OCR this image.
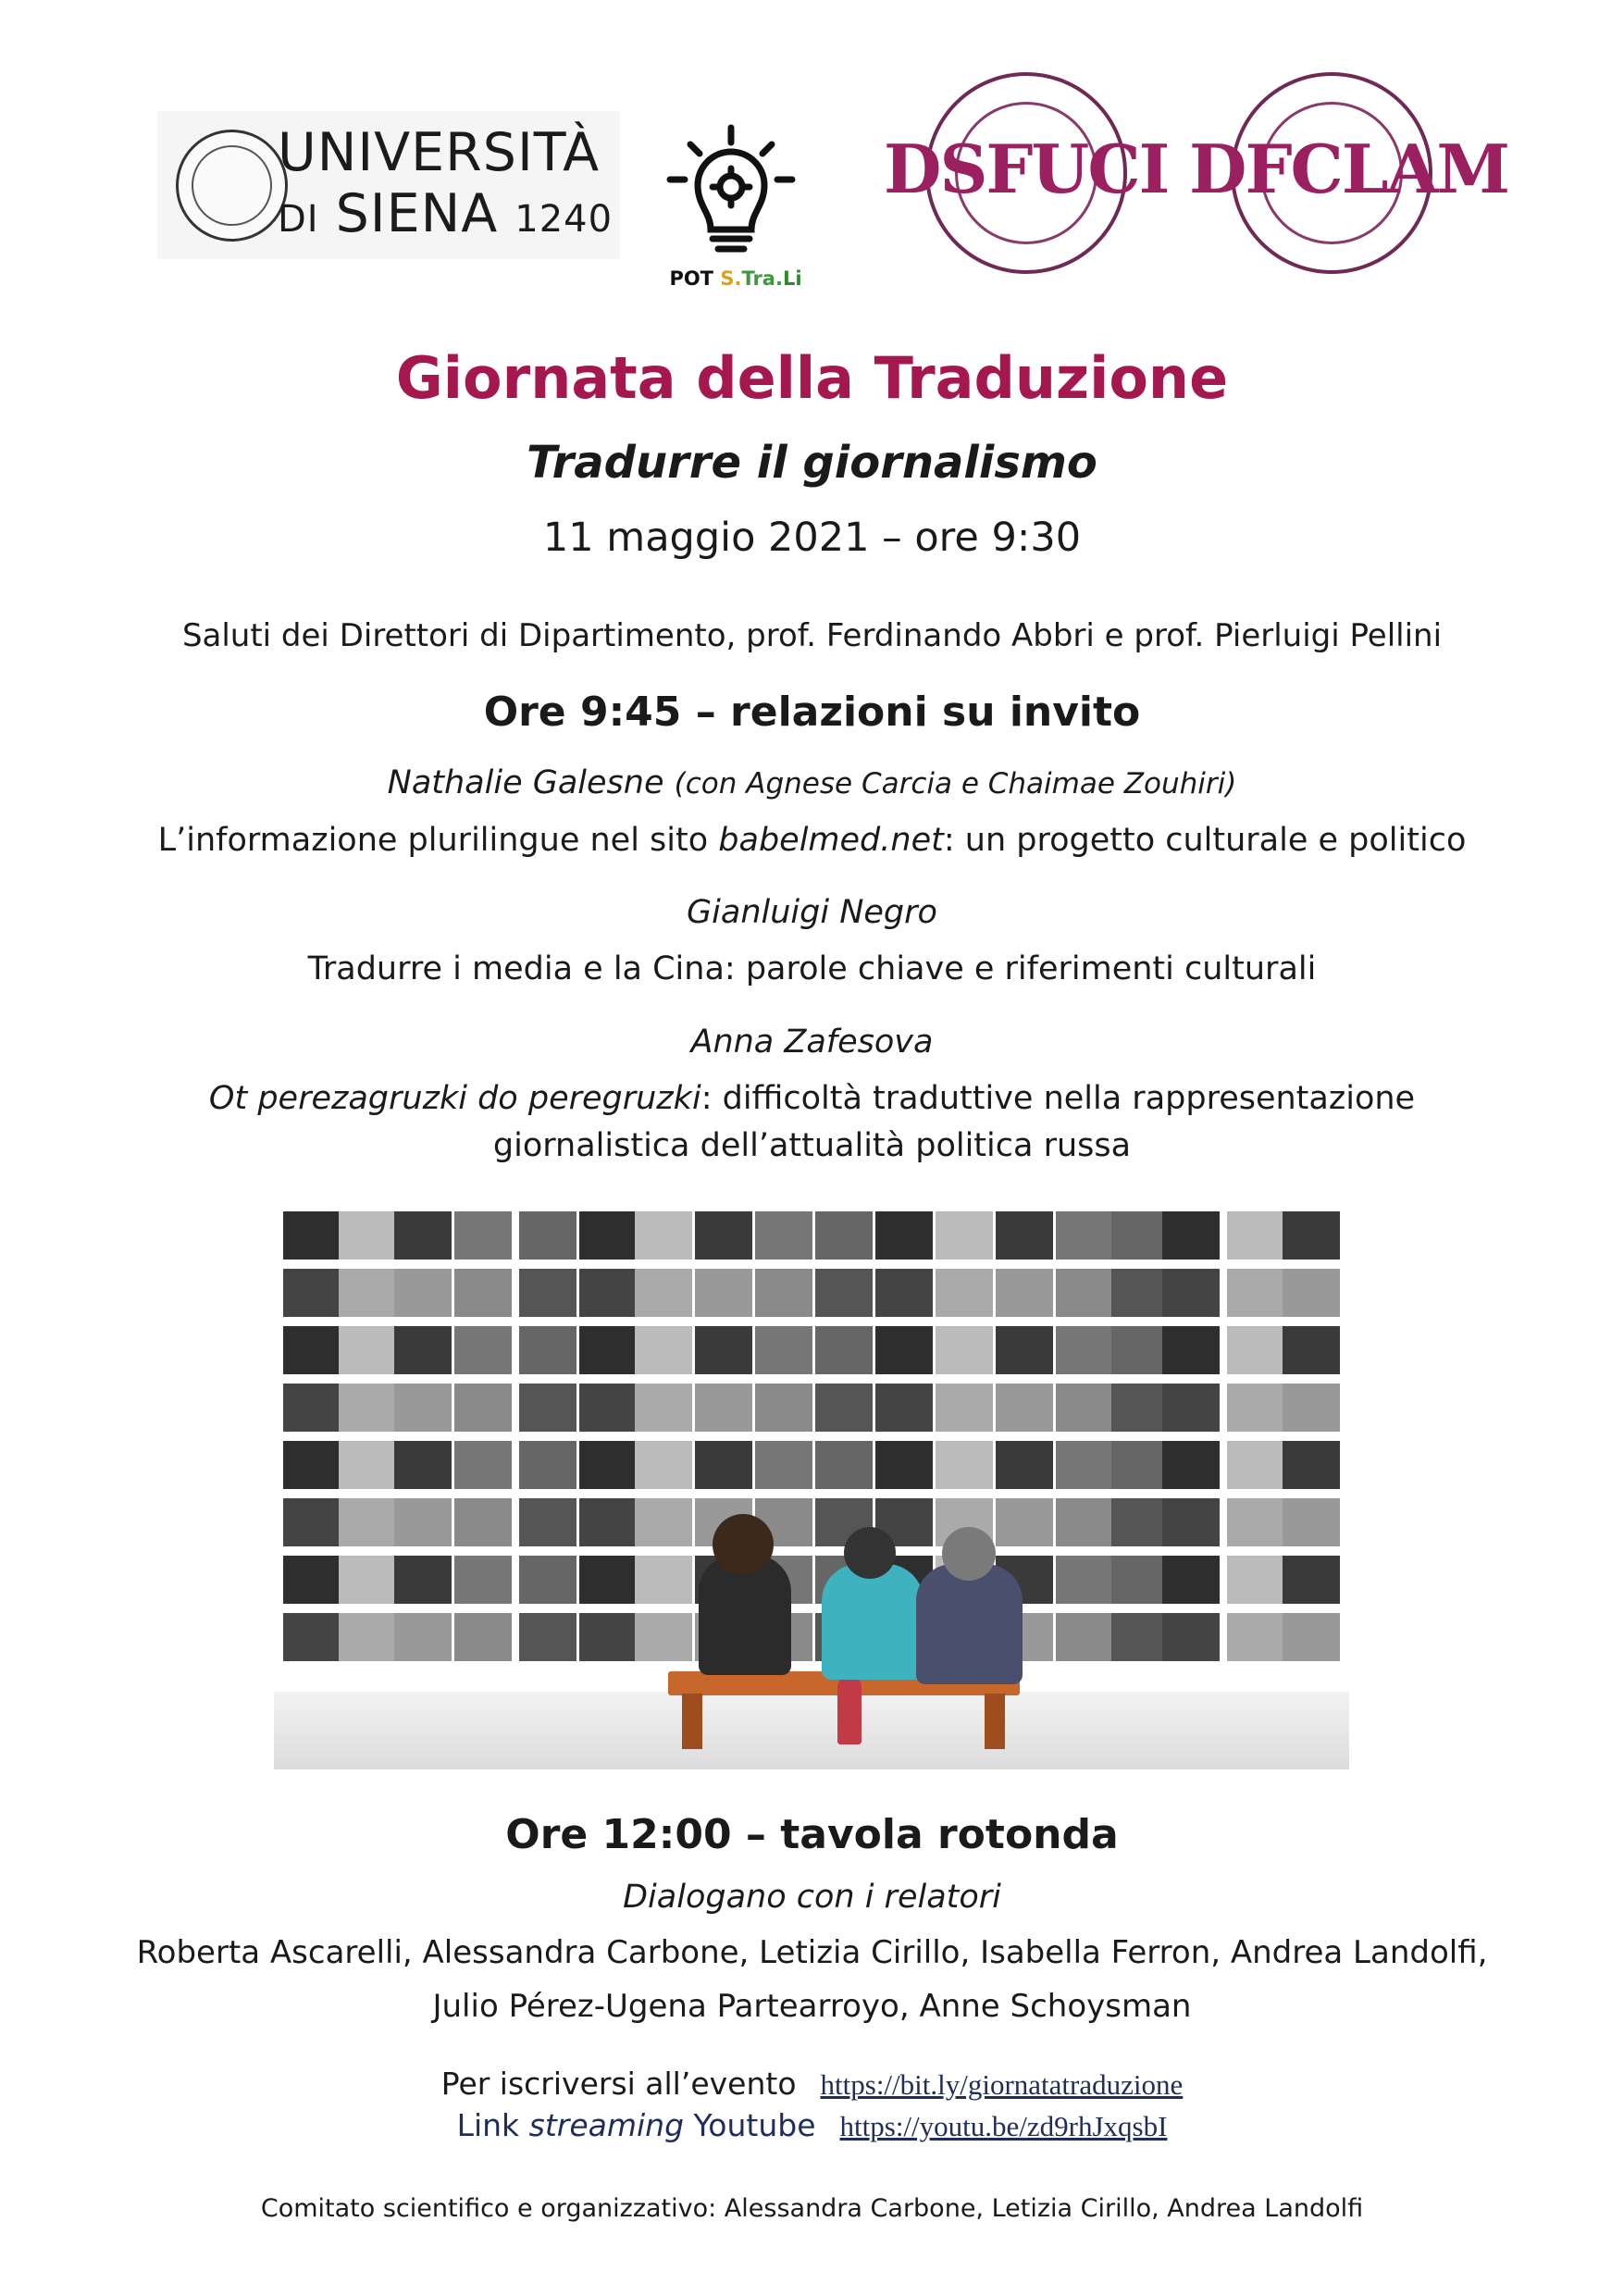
UNIVERSITÀ
DI SIENA 1240
POT S.Tra.Li
DSFUCI DFCLAM
Giornata della Traduzione
Tradurre il giornalismo
11 maggio 2021 – ore 9:30
Saluti dei Direttori di Dipartimento, prof. Ferdinando Abbri e prof. Pierluigi Pellini
Ore 9:45 – relazioni su invito
Nathalie Galesne (con Agnese Carcia e Chaimae Zouhiri)
L’informazione plurilingue nel sito babelmed.net: un progetto culturale e politico
Gianluigi Negro
Tradurre i media e la Cina: parole chiave e riferimenti culturali
Anna Zafesova
Ot perezagruzki do peregruzki: difficoltà traduttive nella rappresentazione
giornalistica dell’attualità politica russa
Ore 12:00 – tavola rotonda
Dialogano con i relatori
Roberta Ascarelli, Alessandra Carbone, Letizia Cirillo, Isabella Ferron, Andrea Landolfi,
Julio Pérez-Ugena Partearroyo, Anne Schoysman
Per iscriversi all’evento https://bit.ly/giornatatraduzione
Link streaming Youtube https://youtu.be/zd9rhJxqsbI
Comitato scientifico e organizzativo: Alessandra Carbone, Letizia Cirillo, Andrea Landolfi
